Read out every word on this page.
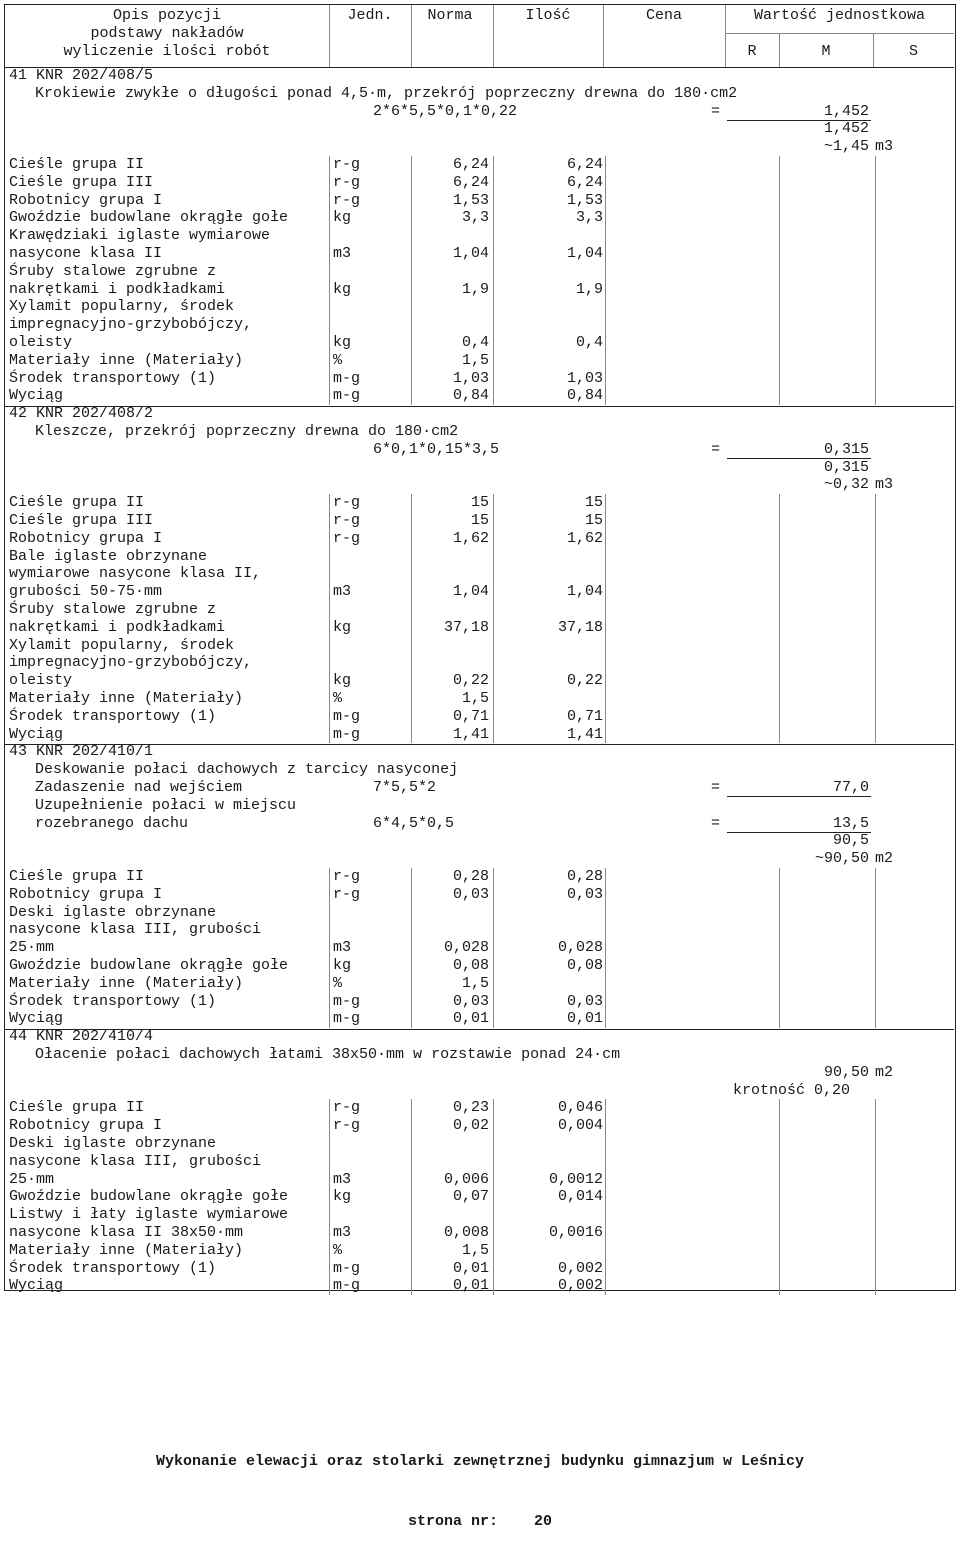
Opis pozycji
podstawy nakładów
wyliczenie ilości robót
Jedn.	Norma	Ilość	Cena	Wartość jednostkowa
R	M	S
41 KNR 202/408/5
Krokiewie zwykłe o długości ponad 4,5·m, przekrój poprzeczny drewna do 180·cm2
2*6*5,5*0,1*0,22	=	1,452
1,452
~1,45 m3
Cieśle grupa II	r-g	6,24	6,24
Cieśle grupa III	r-g	6,24	6,24
Robotnicy grupa I	r-g	1,53	1,53
Gwoździe budowlane okrągłe gołe	kg	3,3	3,3
Krawędziaki iglaste wymiarowe
nasycone klasa II	m3	1,04	1,04
Śruby stalowe zgrubne z
nakrętkami i podkładkami	kg	1,9	1,9
Xylamit popularny, środek
impregnacyjno-grzybobójczy,
oleisty	kg	0,4	0,4
Materiały inne (Materiały)	%	1,5
Środek transportowy (1)	m-g	1,03	1,03
Wyciąg	m-g	0,84	0,84
42 KNR 202/408/2
Kleszcze, przekrój poprzeczny drewna do 180·cm2
6*0,1*0,15*3,5	=	0,315
0,315
~0,32 m3
Cieśle grupa II	r-g	15	15
Cieśle grupa III	r-g	15	15
Robotnicy grupa I	r-g	1,62	1,62
Bale iglaste obrzynane
wymiarowe nasycone klasa II,
grubości 50-75·mm	m3	1,04	1,04
Śruby stalowe zgrubne z
nakrętkami i podkładkami	kg	37,18	37,18
Xylamit popularny, środek
impregnacyjno-grzybobójczy,
oleisty	kg	0,22	0,22
Materiały inne (Materiały)	%	1,5
Środek transportowy (1)	m-g	0,71	0,71
Wyciąg	m-g	1,41	1,41
43 KNR 202/410/1
Deskowanie połaci dachowych z tarcicy nasyconej
Zadaszenie nad wejściem	7*5,5*2	=	77,0
Uzupełnienie połaci w miejscu
rozebranego dachu	6*4,5*0,5	=	13,5
90,5
~90,50 m2
Cieśle grupa II	r-g	0,28	0,28
Robotnicy grupa I	r-g	0,03	0,03
Deski iglaste obrzynane
nasycone klasa III, grubości
25·mm	m3	0,028	0,028
Gwoździe budowlane okrągłe gołe	kg	0,08	0,08
Materiały inne (Materiały)	%	1,5
Środek transportowy (1)	m-g	0,03	0,03
Wyciąg	m-g	0,01	0,01
44 KNR 202/410/4
Ołacenie połaci dachowych łatami 38x50·mm w rozstawie ponad 24·cm
90,50 m2
krotność 0,20
Cieśle grupa II	r-g	0,23	0,046
Robotnicy grupa I	r-g	0,02	0,004
Deski iglaste obrzynane
nasycone klasa III, grubości
25·mm	m3	0,006	0,0012
Gwoździe budowlane okrągłe gołe	kg	0,07	0,014
Listwy i łaty iglaste wymiarowe
nasycone klasa II 38x50·mm	m3	0,008	0,0016
Materiały inne (Materiały)	%	1,5
Środek transportowy (1)	m-g	0,01	0,002
Wyciąg	m-g	0,01	0,002

Wykonanie elewacji oraz stolarki zewnętrznej budynku gimnazjum w Leśnicy

strona nr: 20
